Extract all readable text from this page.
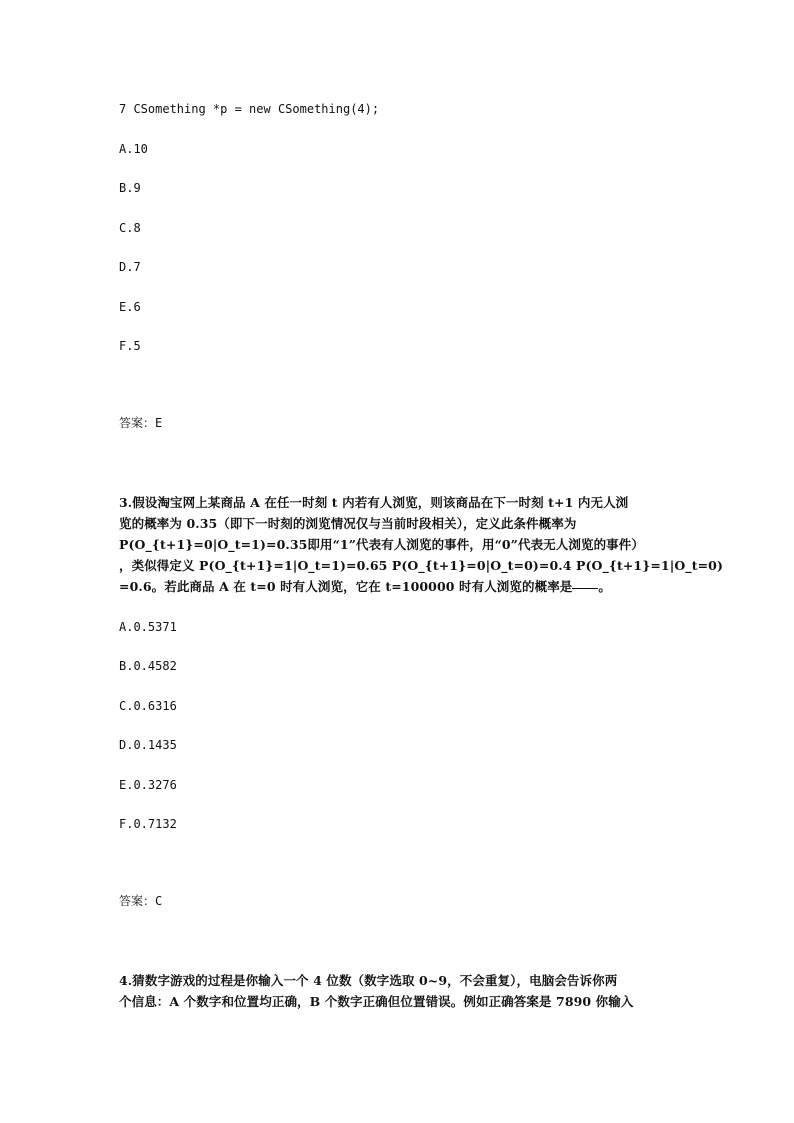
7 CSomething *p = new CSomething(4);
A.10
B.9
C.8
D.7
E.6
F.5
答案：E
3.假设淘宝网上某商品 A 在任一时刻 t 内若有人浏览，则该商品在下一时刻 t+1 内无人浏
览的概率为 0.35（即下一时刻的浏览情况仅与当前时段相关），定义此条件概率为
P(O_{t+1}=0|O_t=1)=0.35即用“1”代表有人浏览的事件，用“0”代表无人浏览的事件）
，类似得定义 P(O_{t+1}=1|O_t=1)=0.65 P(O_{t+1}=0|O_t=0)=0.4 P(O_{t+1}=1|O_t=0)
=0.6。若此商品 A 在 t=0 时有人浏览，它在 t=100000 时有人浏览的概率是 。
A.0.5371
B.0.4582
C.0.6316
D.0.1435
E.0.3276
F.0.7132
答案：C
4.猜数字游戏的过程是你输入一个 4 位数（数字选取 0~9，不会重复），电脑会告诉你两
个信息：A 个数字和位置均正确，B 个数字正确但位置错误。例如正确答案是 7890 你输入
